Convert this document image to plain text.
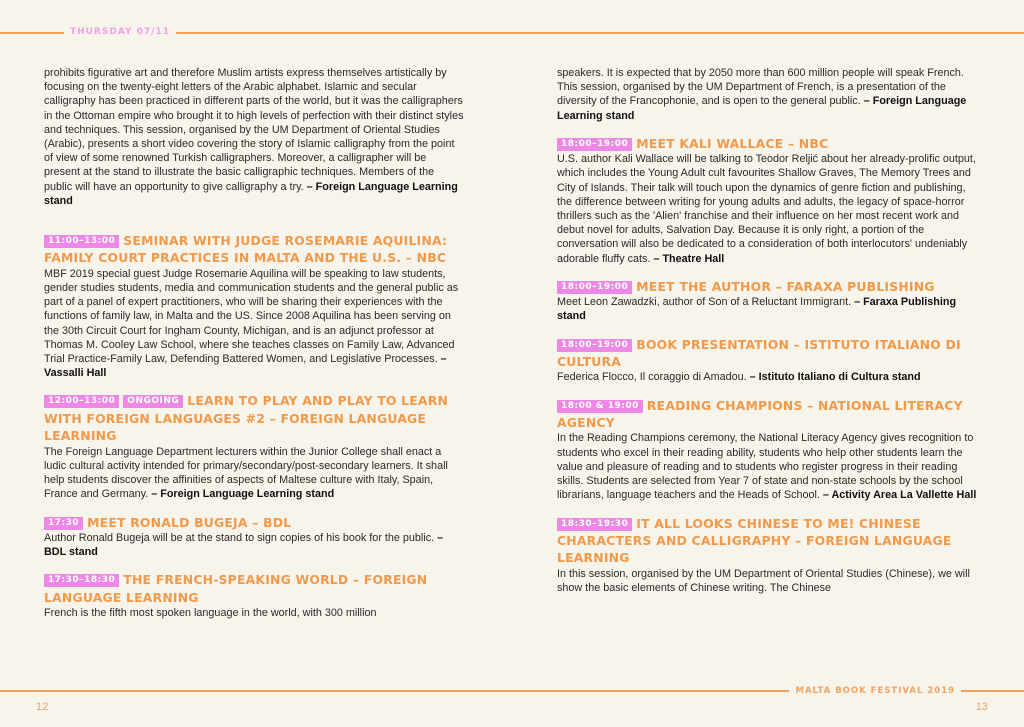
THURSDAY 07/11
MALTA BOOK FESTIVAL 2019
12	13

prohibits figurative art and therefore Muslim artists express themselves artistically by focusing on the twenty-eight letters of the Arabic alphabet. Islamic and secular calligraphy has been practiced in different parts of the world, but it was the calligraphers in the Ottoman empire who brought it to high levels of perfection with their distinct styles and techniques. This session, organised by the UM Department of Oriental Studies (Arabic), presents a short video covering the story of Islamic calligraphy from the point of view of some renowned Turkish calligraphers. Moreover, a calligrapher will be present at the stand to illustrate the basic calligraphic techniques. Members of the public will have an opportunity to give calligraphy a try. – Foreign Language Learning stand

11:00–13:00 SEMINAR WITH JUDGE ROSEMARIE AQUILINA: FAMILY COURT PRACTICES IN MALTA AND THE U.S. – NBC

MBF 2019 special guest Judge Rosemarie Aquilina will be speaking to law students, gender studies students, media and communication students and the general public as part of a panel of expert practitioners, who will be sharing their experiences with the functions of family law, in Malta and the US. Since 2008 Aquilina has been serving on the 30th Circuit Court for Ingham County, Michigan, and is an adjunct professor at Thomas M. Cooley Law School, where she teaches classes on Family Law, Advanced Trial Practice-Family Law, Defending Battered Women, and Legislative Processes. – Vassalli Hall

12:00–13:00 ONGOING LEARN TO PLAY AND PLAY TO LEARN WITH FOREIGN LANGUAGES #2 – FOREIGN LANGUAGE LEARNING

The Foreign Language Department lecturers within the Junior College shall enact a ludic cultural activity intended for primary/secondary/post-secondary learners. It shall help students discover the affinities of aspects of Maltese culture with Italy, Spain, France and Germany. – Foreign Language Learning stand

17:30 MEET RONALD BUGEJA – BDL

Author Ronald Bugeja will be at the stand to sign copies of his book for the public. – BDL stand

17:30–18:30 THE FRENCH-SPEAKING WORLD – FOREIGN LANGUAGE LEARNING

French is the fifth most spoken language in the world, with 300 million

speakers. It is expected that by 2050 more than 600 million people will speak French. This session, organised by the UM Department of French, is a presentation of the diversity of the Francophonie, and is open to the general public. – Foreign Language Learning stand

18:00–19:00 MEET KALI WALLACE – NBC

U.S. author Kali Wallace will be talking to Teodor Reljić about her already-prolific output, which includes the Young Adult cult favourites Shallow Graves, The Memory Trees and City of Islands. Their talk will touch upon the dynamics of genre fiction and publishing, the difference between writing for young adults and adults, the legacy of space-horror thrillers such as the 'Alien' franchise and their influence on her most recent work and debut novel for adults, Salvation Day. Because it is only right, a portion of the conversation will also be dedicated to a consideration of both interlocutors' undeniably adorable fluffy cats. – Theatre Hall

18:00–19:00 MEET THE AUTHOR – FARAXA PUBLISHING

Meet Leon Zawadzki, author of Son of a Reluctant Immigrant. – Faraxa Publishing stand

18:00–19:00 BOOK PRESENTATION – ISTITUTO ITALIANO DI CULTURA

Federica Flocco, Il coraggio di Amadou. – Istituto Italiano di Cultura stand

18:00 & 19:00 READING CHAMPIONS – NATIONAL LITERACY AGENCY

In the Reading Champions ceremony, the National Literacy Agency gives recognition to students who excel in their reading ability, students who help other students learn the value and pleasure of reading and to students who register progress in their reading skills. Students are selected from Year 7 of state and non-state schools by the school librarians, language teachers and the Heads of School. – Activity Area La Vallette Hall

18:30–19:30 IT ALL LOOKS CHINESE TO ME! CHINESE CHARACTERS AND CALLIGRAPHY – FOREIGN LANGUAGE LEARNING

In this session, organised by the UM Department of Oriental Studies (Chinese), we will show the basic elements of Chinese writing. The Chinese
